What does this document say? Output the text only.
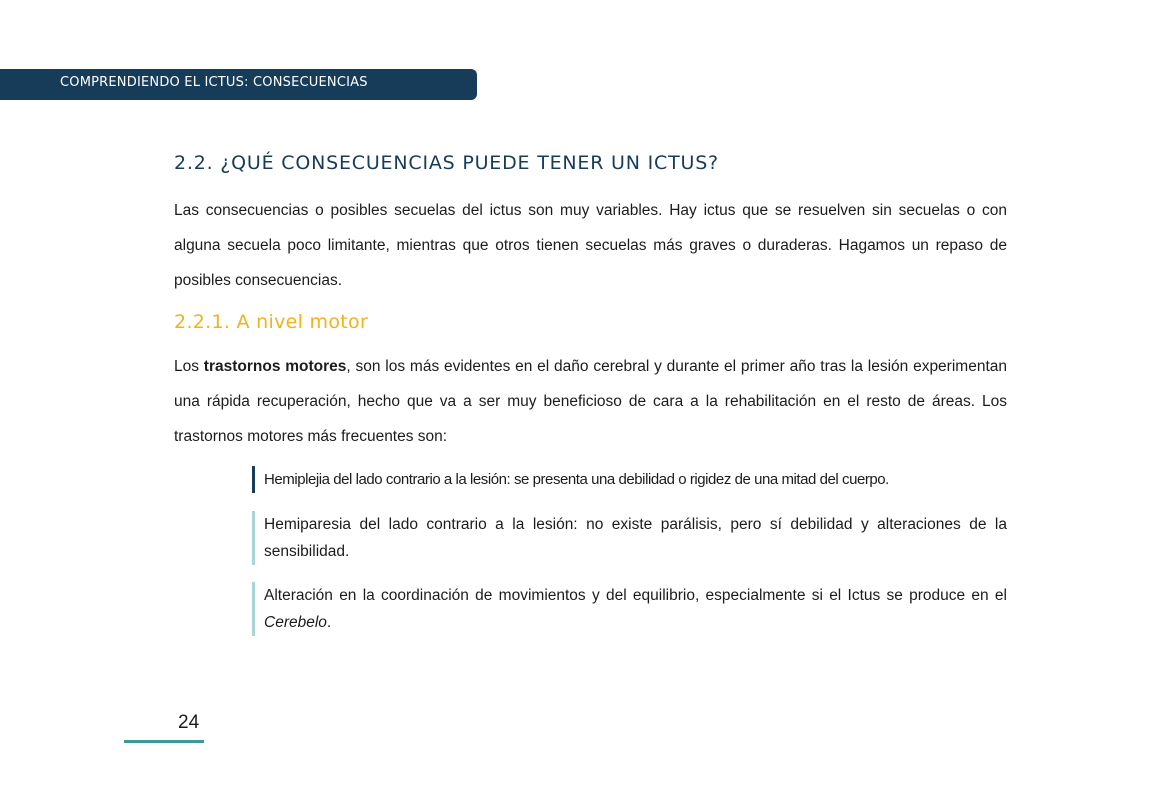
COMPRENDIENDO EL ICTUS: CONSECUENCIAS
2.2. ¿QUÉ CONSECUENCIAS PUEDE TENER UN ICTUS?

Las consecuencias o posibles secuelas del ictus son muy variables. Hay ictus que se resuelven sin secuelas o con alguna secuela poco limitante, mientras que otros tienen secuelas más graves o duraderas. Hagamos un repaso de posibles consecuencias.

2.2.1. A nivel motor

Los trastornos motores, son los más evidentes en el daño cerebral y durante el primer año tras la lesión experimentan una rápida recuperación, hecho que va a ser muy beneficioso de cara a la rehabilitación en el resto de áreas. Los trastornos motores más frecuentes son:

Hemiplejia del lado contrario a la lesión: se presenta una debilidad o rigidez de una mitad del cuerpo.
Hemiparesia del lado contrario a la lesión: no existe parálisis, pero sí debilidad y alteraciones de la sensibilidad.
Alteración en la coordinación de movimientos y del equilibrio, especialmente si el Ictus se produce en el Cerebelo.
24
